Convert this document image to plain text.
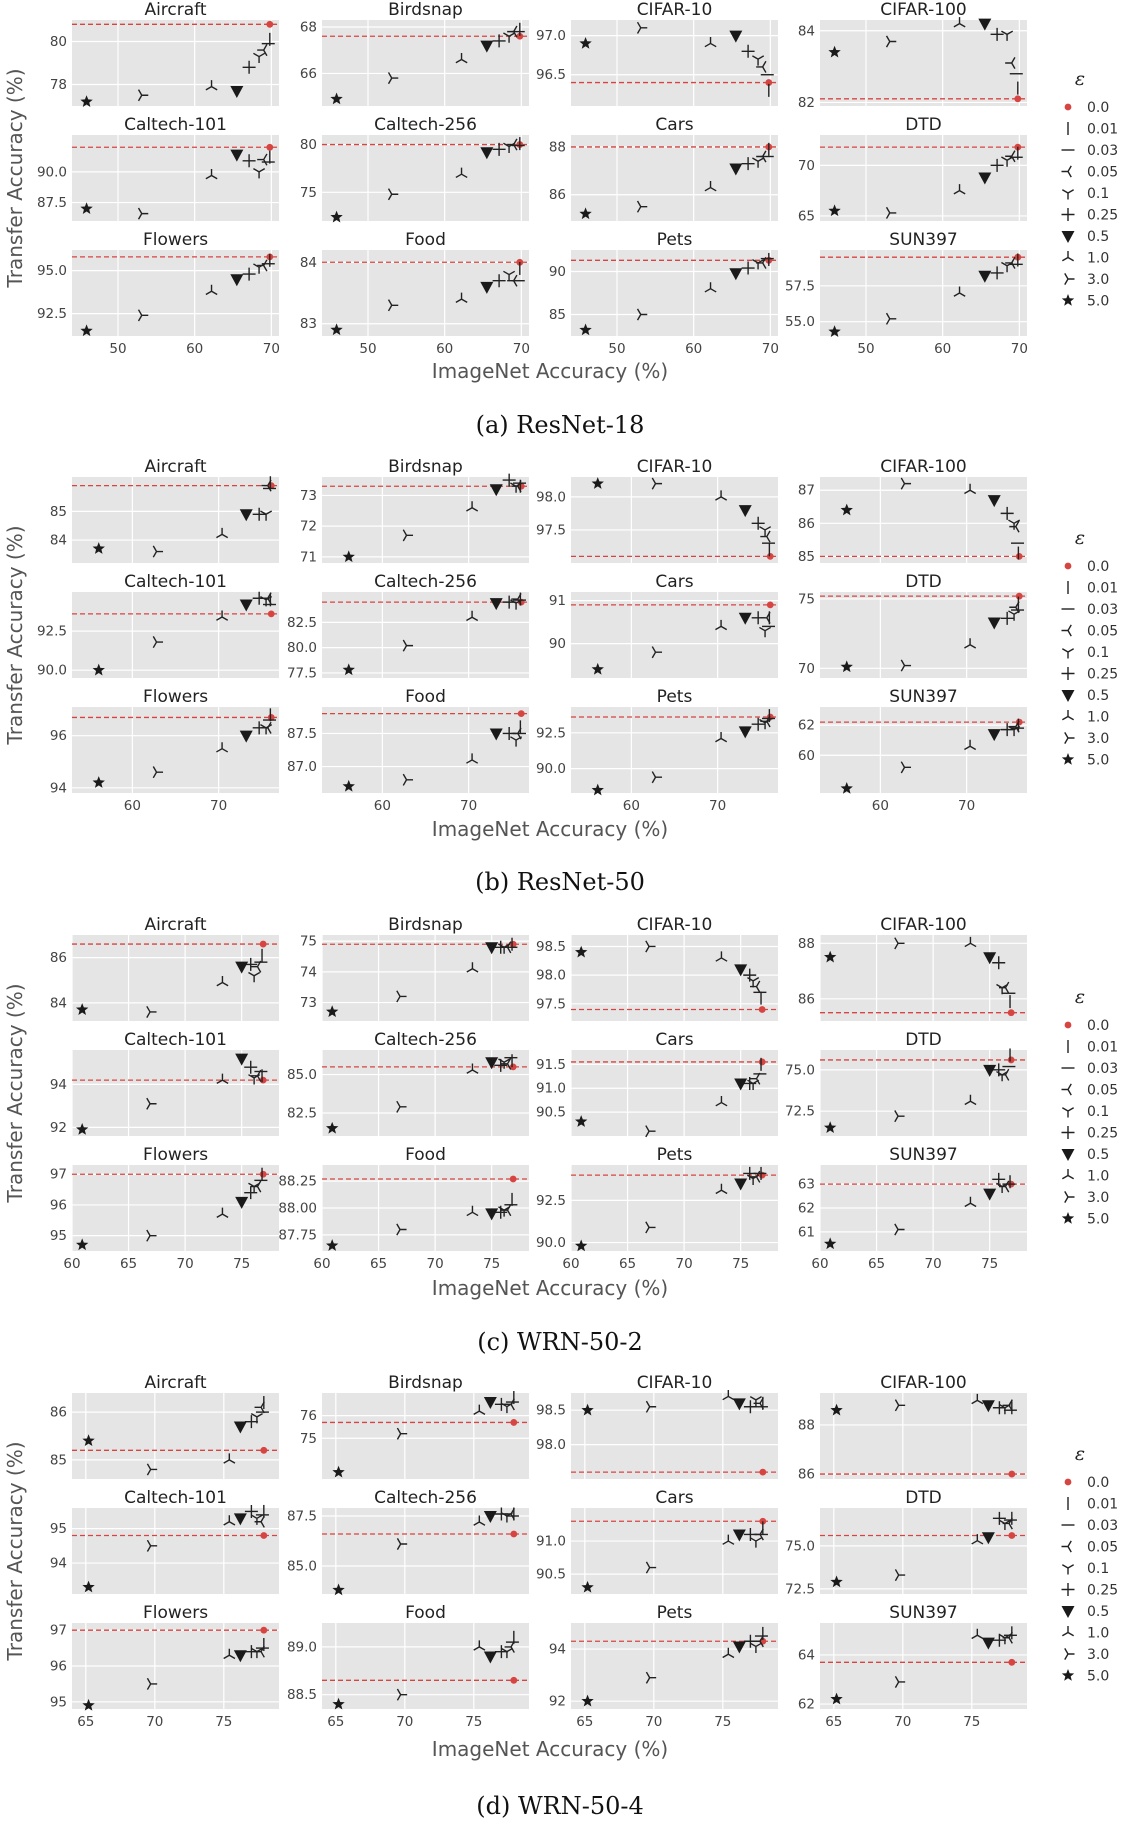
78
80
Aircraft
66
68
Birdsnap
96.5
97.0
CIFAR-10
82
84
CIFAR-100
87.5
90.0
Caltech-101
75
80
Caltech-256
86
88
Cars
65
70
DTD
50	60	70
92.5
95.0
Flowers
50	60	70
83
84
Food
50	60	70
85
90
Pets
50	60	70
55.0
57.5
SUN397
Transfer Accuracy (%)
ImageNet Accuracy (%)
(a) ResNet-18
ε
0.0
0.01
0.03
0.05
0.1
0.25
0.5
1.0
3.0
5.0
84
85
Aircraft
71
72
73
Birdsnap
97.5
98.0
CIFAR-10
85
86
87
CIFAR-100
90.0
92.5
Caltech-101
77.5
80.0
82.5
Caltech-256
90
91
Cars
70
75
DTD
60	70
94
96
Flowers
60	70
87.0
87.5
Food
60	70
90.0
92.5
Pets
60	70
60
62
SUN397
Transfer Accuracy (%)
ImageNet Accuracy (%)
(b) ResNet-50
ε
0.0
0.01
0.03
0.05
0.1
0.25
0.5
1.0
3.0
5.0
84
86
Aircraft
73
74
75
Birdsnap
97.5
98.0
98.5
CIFAR-10
86
88
CIFAR-100
92
94
Caltech-101
82.5
85.0
Caltech-256
90.5
91.0
91.5
Cars
72.5
75.0
DTD
60	65	70	75
95
96
97
Flowers
60	65	70	75
87.75
88.00
88.25
Food
60	65	70	75
90.0
92.5
Pets
60	65	70	75
61
62
63
SUN397
Transfer Accuracy (%)
ImageNet Accuracy (%)
(c) WRN-50-2
ε
0.0
0.01
0.03
0.05
0.1
0.25
0.5
1.0
3.0
5.0
85
86
Aircraft
75
76
Birdsnap
98.0
98.5
CIFAR-10
86
88
CIFAR-100
94
95
Caltech-101
85.0
87.5
Caltech-256
90.5
91.0
Cars
72.5
75.0
DTD
65	70	75
95
96
97
Flowers
65	70	75
88.5
89.0
Food
65	70	75
92
94
Pets
65	70	75
62
64
SUN397
Transfer Accuracy (%)
ImageNet Accuracy (%)
(d) WRN-50-4
ε
0.0
0.01
0.03
0.05
0.1
0.25
0.5
1.0
3.0
5.0
